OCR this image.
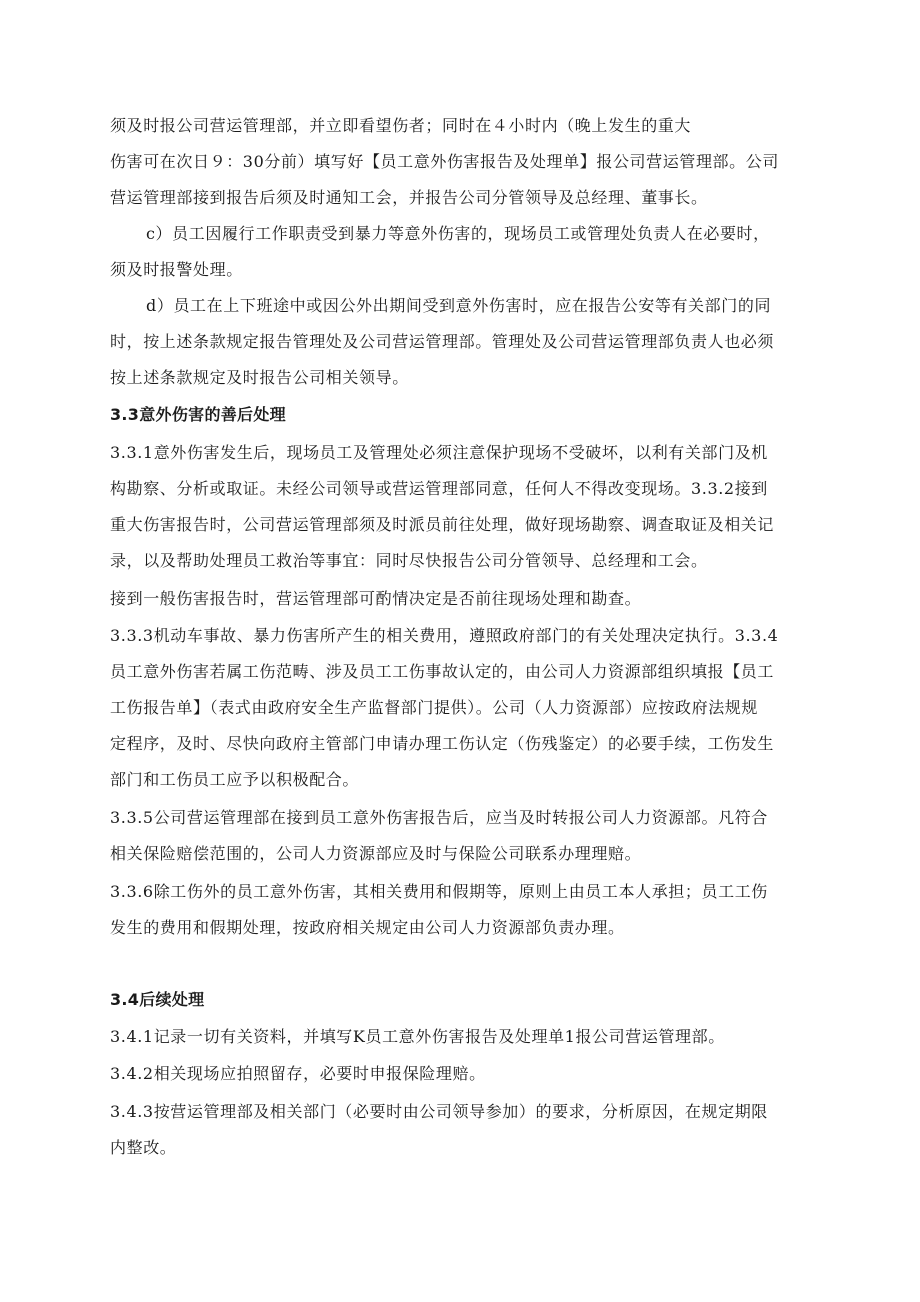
须及时报公司营运管理部，并立即看望伤者；同时在４小时内（晚上发生的重大
伤害可在次日９：30分前）填写好【员工意外伤害报告及处理单】报公司营运管理部。公司
营运管理部接到报告后须及时通知工会，并报告公司分管领导及总经理、董事长。
c）员工因履行工作职责受到暴力等意外伤害的，现场员工或管理处负责人在必要时，
须及时报警处理。
d）员工在上下班途中或因公外出期间受到意外伤害时，应在报告公安等有关部门的同
时，按上述条款规定报告管理处及公司营运管理部。管理处及公司营运管理部负责人也必须
按上述条款规定及时报告公司相关领导。
3.3意外伤害的善后处理
3.3.1意外伤害发生后，现场员工及管理处必须注意保护现场不受破坏，以利有关部门及机
构勘察、分析或取证。未经公司领导或营运管理部同意，任何人不得改变现场。3.3.2接到
重大伤害报告时，公司营运管理部须及时派员前往处理，做好现场勘察、调查取证及相关记
录，以及帮助处理员工救治等事宜：同时尽快报告公司分管领导、总经理和工会。
接到一般伤害报告时，营运管理部可酌情决定是否前往现场处理和勘查。
3.3.3机动车事故、暴力伤害所产生的相关费用，遵照政府部门的有关处理决定执行。3.3.4
员工意外伤害若属工伤范畴、涉及员工工伤事故认定的，由公司人力资源部组织填报【员工
工伤报告单】（表式由政府安全生产监督部门提供）。公司（人力资源部）应按政府法规规
定程序，及时、尽快向政府主管部门申请办理工伤认定（伤残鉴定）的必要手续，工伤发生
部门和工伤员工应予以积极配合。
3.3.5公司营运管理部在接到员工意外伤害报告后，应当及时转报公司人力资源部。凡符合
相关保险赔偿范围的，公司人力资源部应及时与保险公司联系办理理赔。
3.3.6除工伤外的员工意外伤害，其相关费用和假期等，原则上由员工本人承担；员工工伤
发生的费用和假期处理，按政府相关规定由公司人力资源部负责办理。
3.4后续处理
3.4.1记录一切有关资料，并填写K员工意外伤害报告及处理单1报公司营运管理部。
3.4.2相关现场应拍照留存，必要时申报保险理赔。
3.4.3按营运管理部及相关部门（必要时由公司领导参加）的要求，分析原因，在规定期限
内整改。
